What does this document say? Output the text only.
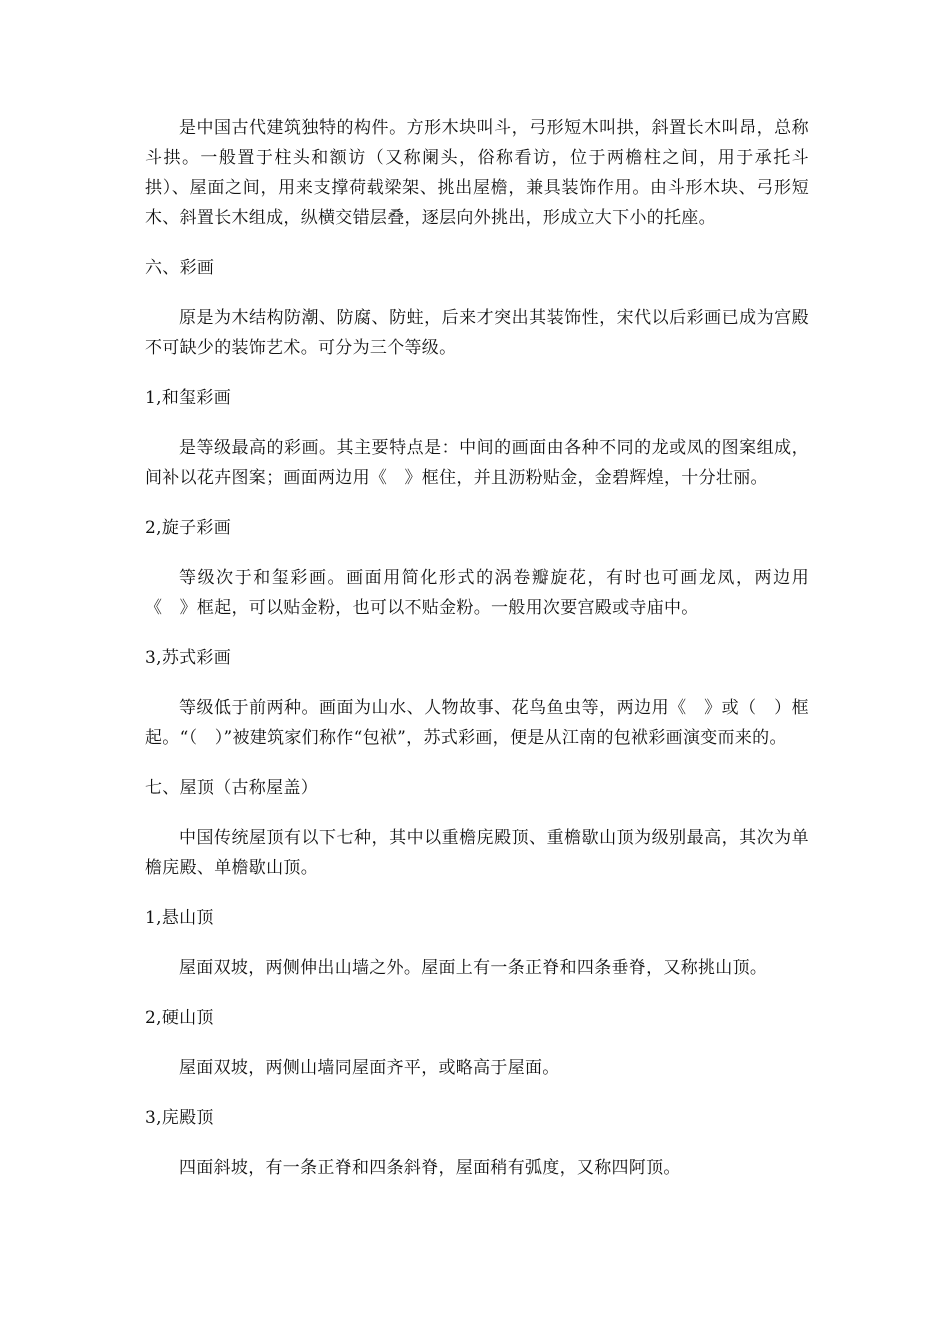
是中国古代建筑独特的构件。方形木块叫斗，弓形短木叫拱，斜置长木叫昂，总称斗拱。一般置于柱头和额访（又称阑头，俗称看访，位于两檐柱之间，用于承托斗拱）、屋面之间，用来支撑荷载梁架、挑出屋檐，兼具装饰作用。由斗形木块、弓形短木、斜置长木组成，纵横交错层叠，逐层向外挑出，形成立大下小的托座。

六、彩画

原是为木结构防潮、防腐、防蛀，后来才突出其装饰性，宋代以后彩画已成为宫殿不可缺少的装饰艺术。可分为三个等级。

1,和玺彩画

是等级最高的彩画。其主要特点是：中间的画面由各种不同的龙或凤的图案组成，间补以花卉图案；画面两边用《　》框住，并且沥粉贴金，金碧辉煌，十分壮丽。

2,旋子彩画

等级次于和玺彩画。画面用简化形式的涡卷瓣旋花，有时也可画龙凤，两边用《　》框起，可以贴金粉，也可以不贴金粉。一般用次要宫殿或寺庙中。

3,苏式彩画

等级低于前两种。画面为山水、人物故事、花鸟鱼虫等，两边用《　》或（　）框起。“（　）”被建筑家们称作“包袱”，苏式彩画，便是从江南的包袱彩画演变而来的。

七、屋顶（古称屋盖）

中国传统屋顶有以下七种，其中以重檐庑殿顶、重檐歇山顶为级别最高，其次为单檐庑殿、单檐歇山顶。

1,悬山顶

屋面双坡，两侧伸出山墙之外。屋面上有一条正脊和四条垂脊，又称挑山顶。

2,硬山顶

屋面双坡，两侧山墙同屋面齐平，或略高于屋面。

3,庑殿顶

四面斜坡，有一条正脊和四条斜脊，屋面稍有弧度，又称四阿顶。
